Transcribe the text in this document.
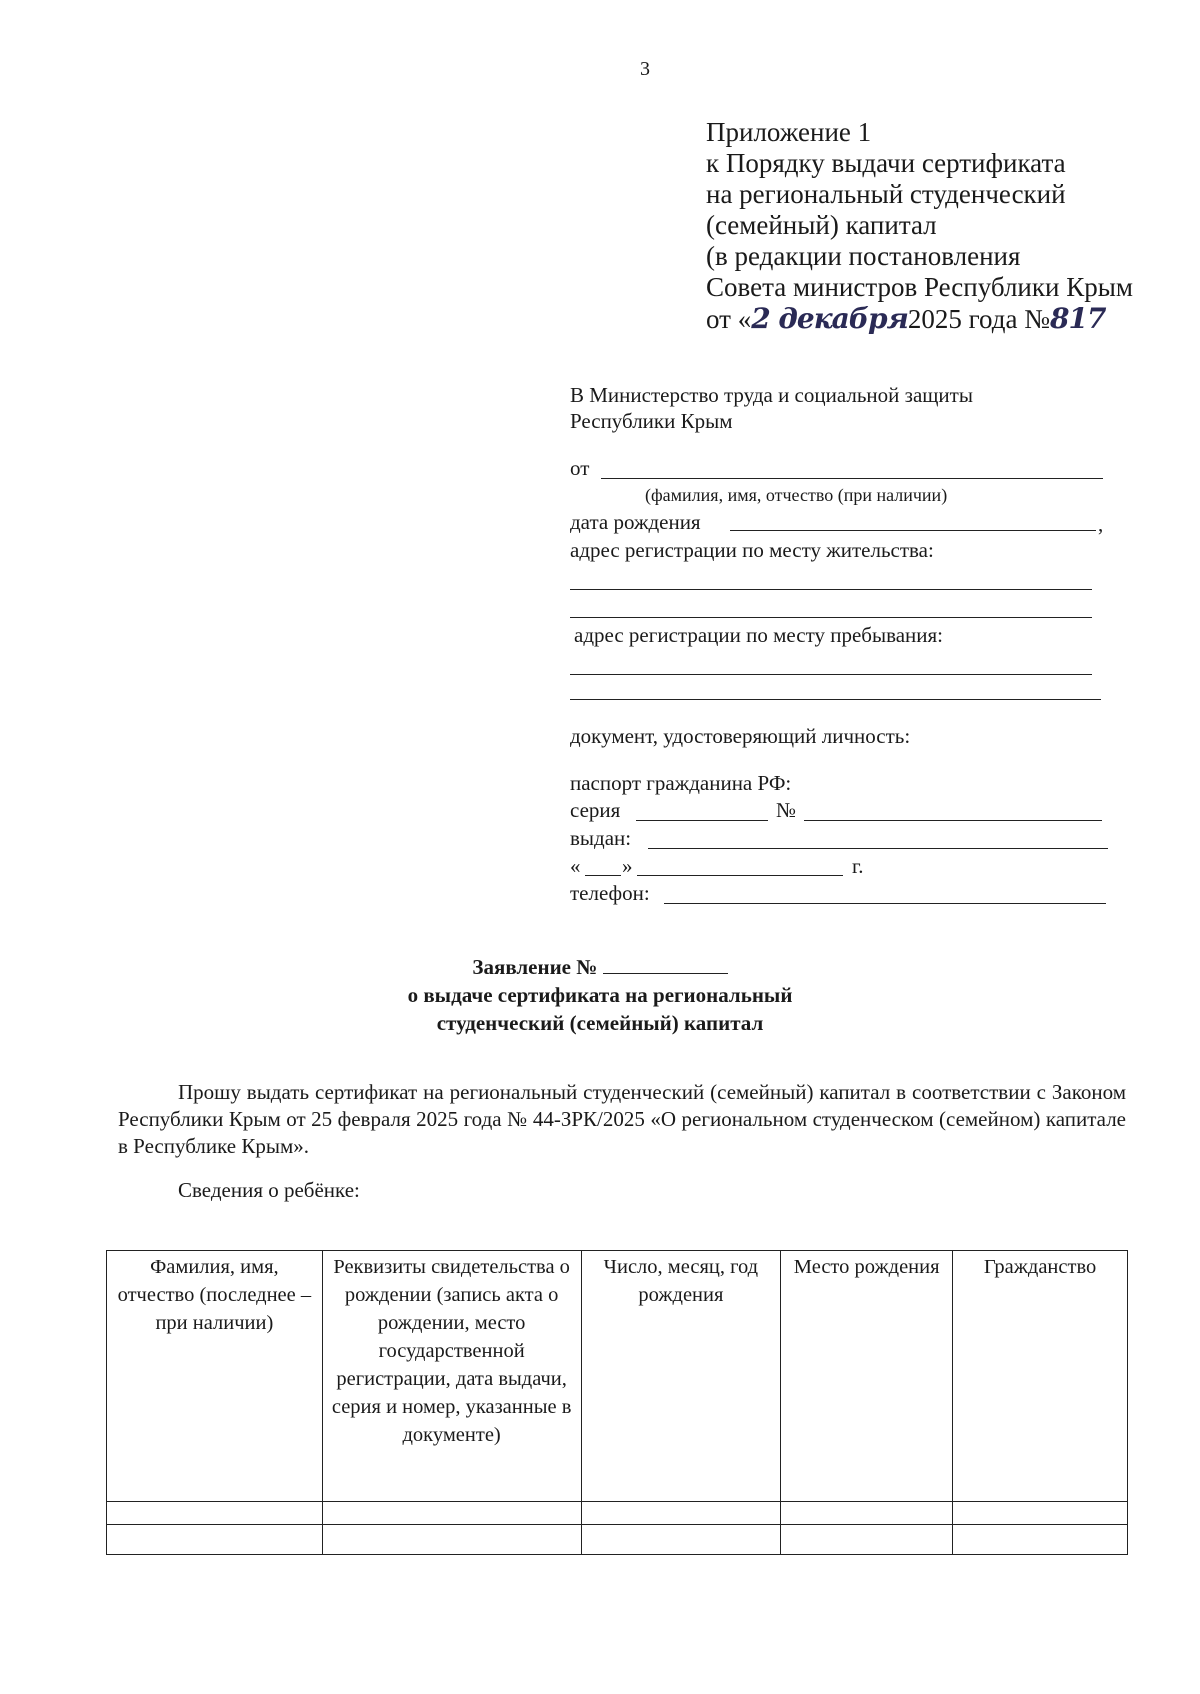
3
Приложение 1
к Порядку выдачи сертификата
на региональный студенческий
(семейный) капитал
(в редакции постановления
Совета министров Республики Крым
от «2 декабря2025 года №817
В Министерство труда и социальной защиты
Республики Крым
от
(фамилия, имя, отчество (при наличии)
дата рождения	,
адрес регистрации по месту жительства:
адрес регистрации по месту пребывания:
документ, удостоверяющий личность:
паспорт гражданина РФ:
серия	№
выдан:
« »	г.
телефон:
Заявление №
о выдаче сертификата на региональный
студенческий (семейный) капитал
Прошу выдать сертификат на региональный студенческий (семейный) капитал в соответствии с Законом Республики Крым от 25 февраля 2025 года № 44-ЗРК/2025 «О региональном студенческом (семейном) капитале в Республике Крым».
Сведения о ребёнке:
Фамилия, имя, отчество (последнее – при наличии)	Реквизиты свидетельства о рождении (запись акта о рождении, место государственной регистрации, дата выдачи, серия и номер, указанные в документе)	Число, месяц, год рождения	Место рождения	Гражданство
